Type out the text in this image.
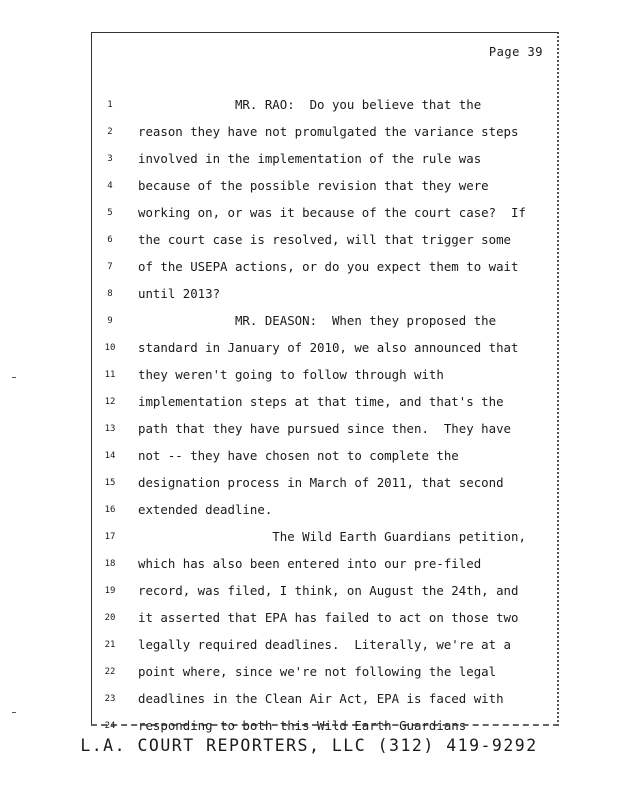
Page 39
1	MR. RAO:  Do you believe that the
2	reason they have not promulgated the variance steps
3	involved in the implementation of the rule was
4	because of the possible revision that they were
5	working on, or was it because of the court case?  If
6	the court case is resolved, will that trigger some
7	of the USEPA actions, or do you expect them to wait
8	until 2013?
9	MR. DEASON:  When they proposed the
10	standard in January of 2010, we also announced that
11	they weren't going to follow through with
12	implementation steps at that time, and that's the
13	path that they have pursued since then.  They have
14	not -- they have chosen not to complete the
15	designation process in March of 2011, that second
16	extended deadline.
17	The Wild Earth Guardians petition,
18	which has also been entered into our pre-filed
19	record, was filed, I think, on August the 24th, and
20	it asserted that EPA has failed to act on those two
21	legally required deadlines.  Literally, we're at a
22	point where, since we're not following the legal
23	deadlines in the Clean Air Act, EPA is faced with
24	responding to both this Wild Earth Guardians
L.A. COURT REPORTERS, LLC (312) 419-9292
